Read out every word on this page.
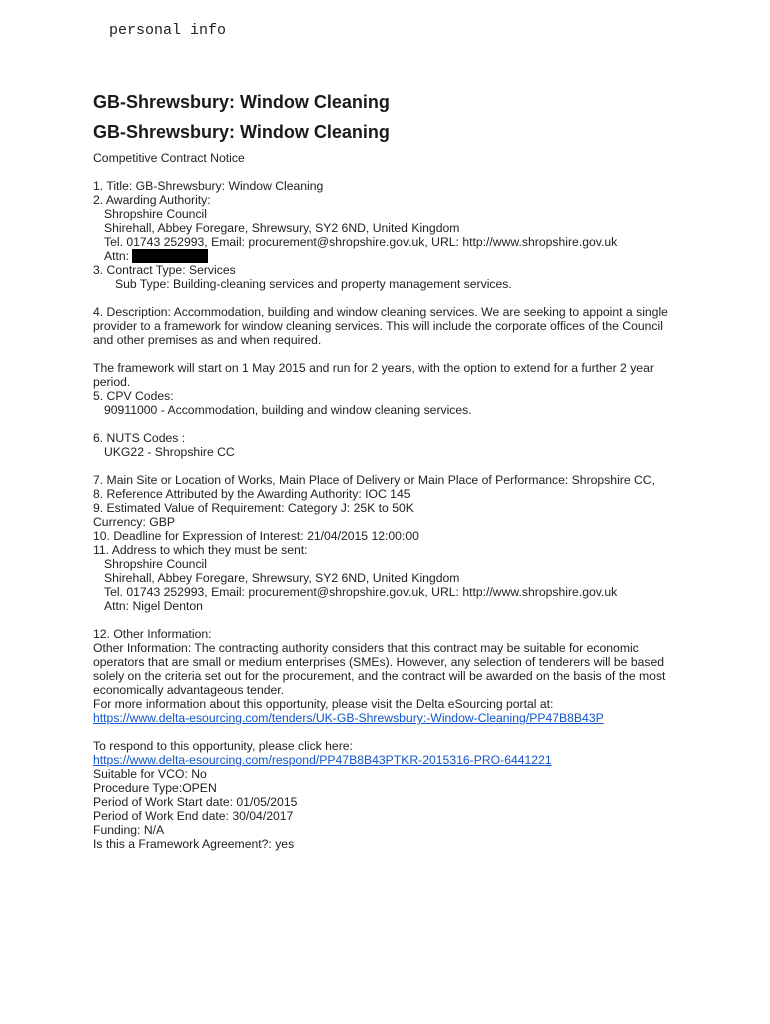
personal info
GB-Shrewsbury: Window Cleaning
GB-Shrewsbury: Window Cleaning
Competitive Contract Notice
1. Title: GB-Shrewsbury: Window Cleaning
2. Awarding Authority:
Shropshire Council
Shirehall, Abbey Foregare, Shrewsury, SY2 6ND, United Kingdom
Tel. 01743 252993, Email: procurement@shropshire.gov.uk, URL: http://www.shropshire.gov.uk
Attn:
3. Contract Type: Services
Sub Type: Building-cleaning services and property management services.
4. Description: Accommodation, building and window cleaning services. We are seeking to appoint a single provider to a framework for window cleaning services. This will include the corporate offices of the Council and other premises as and when required.
The framework will start on 1 May 2015 and run for 2 years, with the option to extend for a further 2 year period.
5. CPV Codes:
90911000 - Accommodation, building and window cleaning services.
6. NUTS Codes :
UKG22 - Shropshire CC
7. Main Site or Location of Works, Main Place of Delivery or Main Place of Performance: Shropshire CC,
8. Reference Attributed by the Awarding Authority: IOC 145
9. Estimated Value of Requirement: Category J: 25K to 50K
Currency: GBP
10. Deadline for Expression of Interest: 21/04/2015 12:00:00
11. Address to which they must be sent:
Shropshire Council
Shirehall, Abbey Foregare, Shrewsury, SY2 6ND, United Kingdom
Tel. 01743 252993, Email: procurement@shropshire.gov.uk, URL: http://www.shropshire.gov.uk
Attn: Nigel Denton
12. Other Information:
Other Information: The contracting authority considers that this contract may be suitable for economic operators that are small or medium enterprises (SMEs). However, any selection of tenderers will be based solely on the criteria set out for the procurement, and the contract will be awarded on the basis of the most economically advantageous tender.
For more information about this opportunity, please visit the Delta eSourcing portal at:
https://www.delta-esourcing.com/tenders/UK-GB-Shrewsbury:-Window-Cleaning/PP47B8B43P
To respond to this opportunity, please click here:
https://www.delta-esourcing.com/respond/PP47B8B43PTKR-2015316-PRO-6441221
Suitable for VCO: No
Procedure Type:OPEN
Period of Work Start date: 01/05/2015
Period of Work End date: 30/04/2017
Funding: N/A
Is this a Framework Agreement?: yes
